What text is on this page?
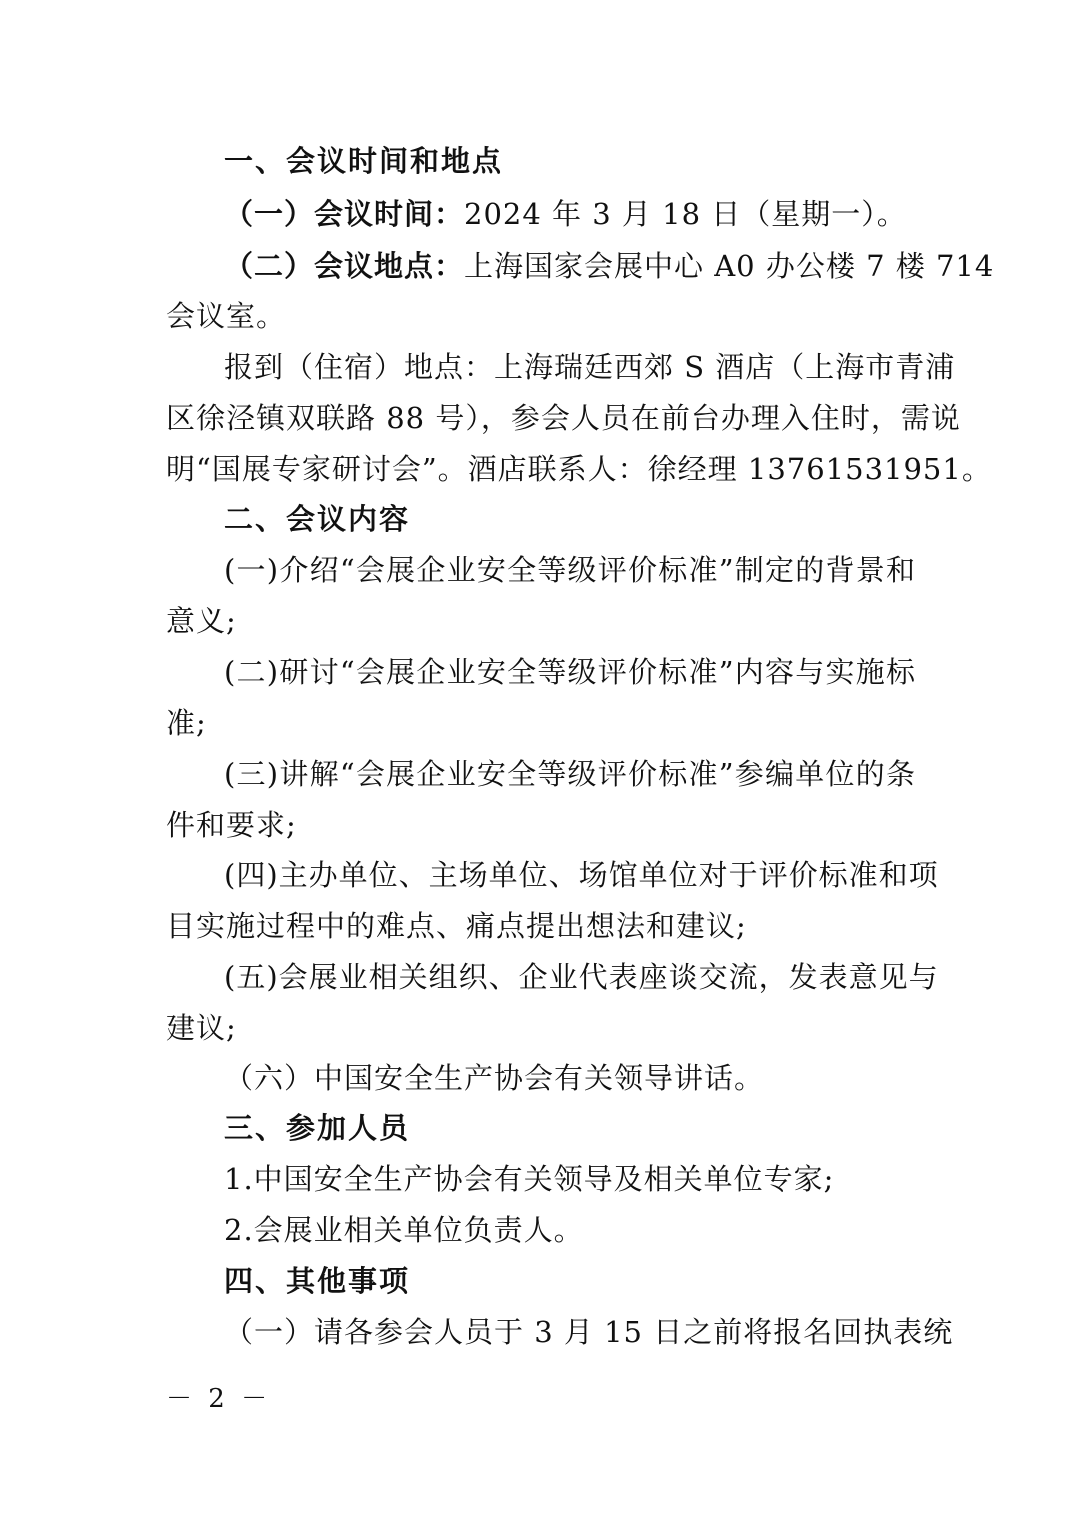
一、会议时间和地点
（一）会议时间：2024 年 3 月 18 日（星期一）。
（二）会议地点：上海国家会展中心 A0 办公楼 7 楼 714
会议室。
报到（住宿）地点：上海瑞廷西郊 S 酒店（上海市青浦
区徐泾镇双联路 88 号），参会人员在前台办理入住时，需说
明“国展专家研讨会”。酒店联系人：徐经理 13761531951。
二、会议内容
(一)介绍“会展企业安全等级评价标准”制定的背景和
意义;
(二)研讨“会展企业安全等级评价标准”内容与实施标
准;
(三)讲解“会展企业安全等级评价标准”参编单位的条
件和要求;
(四)主办单位、主场单位、场馆单位对于评价标准和项
目实施过程中的难点、痛点提出想法和建议;
(五)会展业相关组织、企业代表座谈交流，发表意见与
建议;
（六）中国安全生产协会有关领导讲话。
三、参加人员
1.中国安全生产协会有关领导及相关单位专家;
2.会展业相关单位负责人。
四、其他事项
（一）请各参会人员于 3 月 15 日之前将报名回执表统
－ 2 －
